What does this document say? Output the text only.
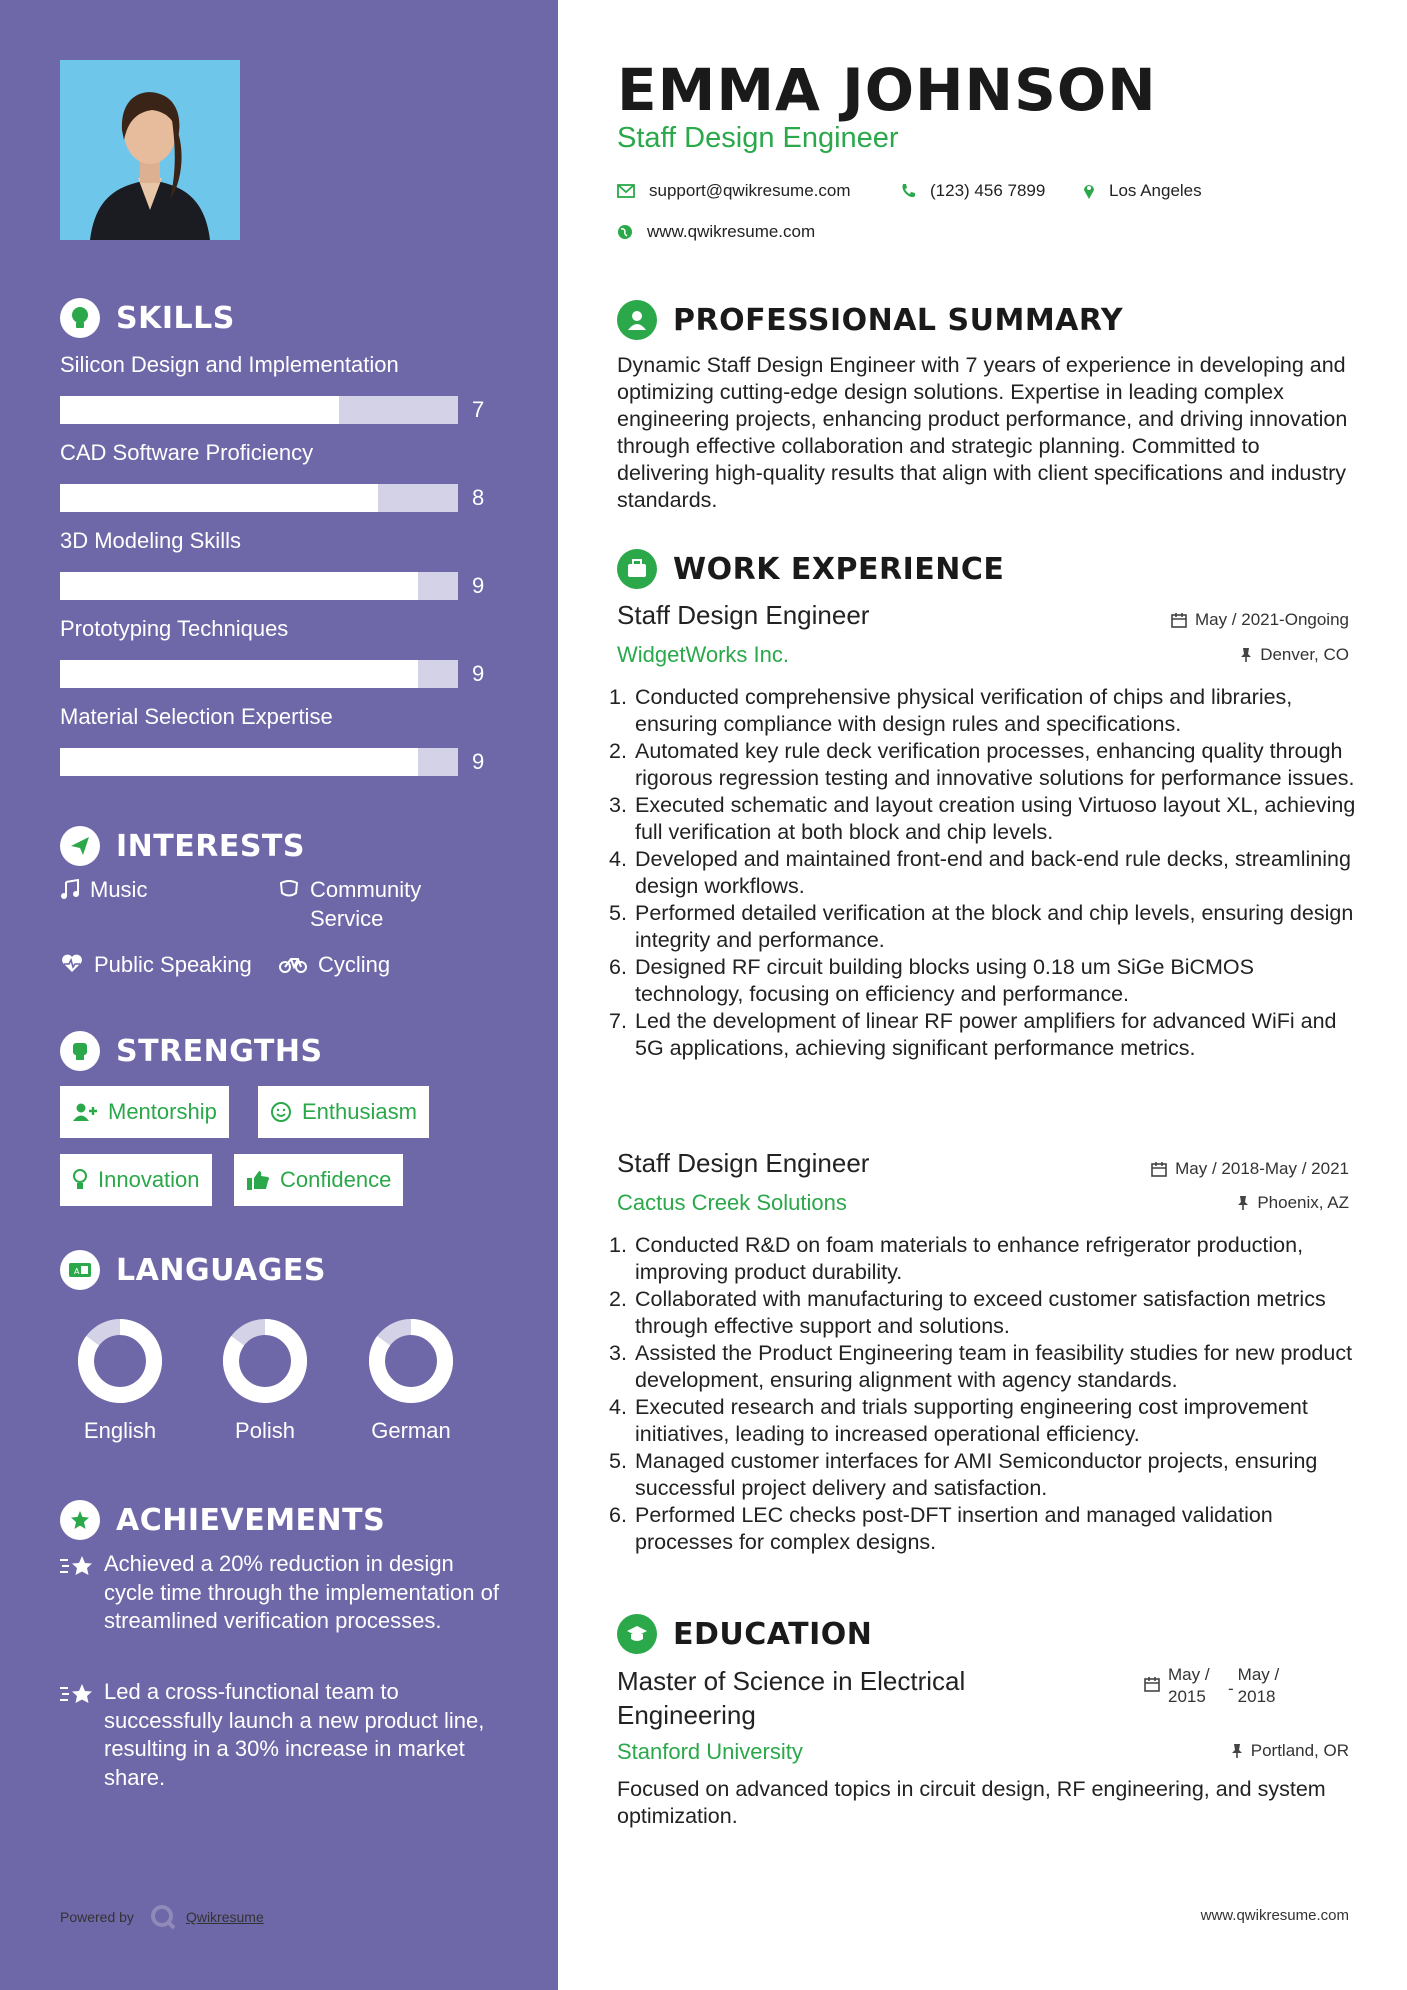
SKILLS
Silicon Design and Implementation
7
CAD Software Proficiency
8
3D Modeling Skills
9
Prototyping Techniques
9
Material Selection Expertise
9
INTERESTS
Music	Community Service
Public Speaking	Cycling
STRENGTHS
Mentorship	Enthusiasm
Innovation	Confidence
A LANGUAGES
English	Polish	German
ACHIEVEMENTS
Achieved a 20% reduction in design cycle time through the implementation of streamlined verification processes.
Led a cross-functional team to successfully launch a new product line, resulting in a 30% increase in market share.
Powered by	Qwikresume
EMMA JOHNSON
Staff Design Engineer
support@qwikresume.com	(123) 456 7899	Los Angeles
www.qwikresume.com
PROFESSIONAL SUMMARY
Dynamic Staff Design Engineer with 7 years of experience in developing and optimizing cutting-edge design solutions. Expertise in leading complex engineering projects, enhancing product performance, and driving innovation through effective collaboration and strategic planning. Committed to delivering high-quality results that align with client specifications and industry standards.
WORK EXPERIENCE
Staff Design Engineer	May / 2021-Ongoing
WidgetWorks Inc.	Denver, CO
Conducted comprehensive physical verification of chips and libraries, ensuring compliance with design rules and specifications.
Automated key rule deck verification processes, enhancing quality through rigorous regression testing and innovative solutions for performance issues.
Executed schematic and layout creation using Virtuoso layout XL, achieving full verification at both block and chip levels.
Developed and maintained front-end and back-end rule decks, streamlining design workflows.
Performed detailed verification at the block and chip levels, ensuring design integrity and performance.
Designed RF circuit building blocks using 0.18 um SiGe BiCMOS technology, focusing on efficiency and performance.
Led the development of linear RF power amplifiers for advanced WiFi and 5G applications, achieving significant performance metrics.
Staff Design Engineer	May / 2018-May / 2021
Cactus Creek Solutions	Phoenix, AZ
Conducted R&D on foam materials to enhance refrigerator production, improving product durability.
Collaborated with manufacturing to exceed customer satisfaction metrics through effective support and solutions.
Assisted the Product Engineering team in feasibility studies for new product development, ensuring alignment with agency standards.
Executed research and trials supporting engineering cost improvement initiatives, leading to increased operational efficiency.
Managed customer interfaces for AMI Semiconductor projects, ensuring successful project delivery and satisfaction.
Performed LEC checks post-DFT insertion and managed validation processes for complex designs.
EDUCATION
Master of Science in Electrical Engineering
May / 2015	-
May / 2018
Stanford University	Portland, OR
Focused on advanced topics in circuit design, RF engineering, and system optimization.
www.qwikresume.com
